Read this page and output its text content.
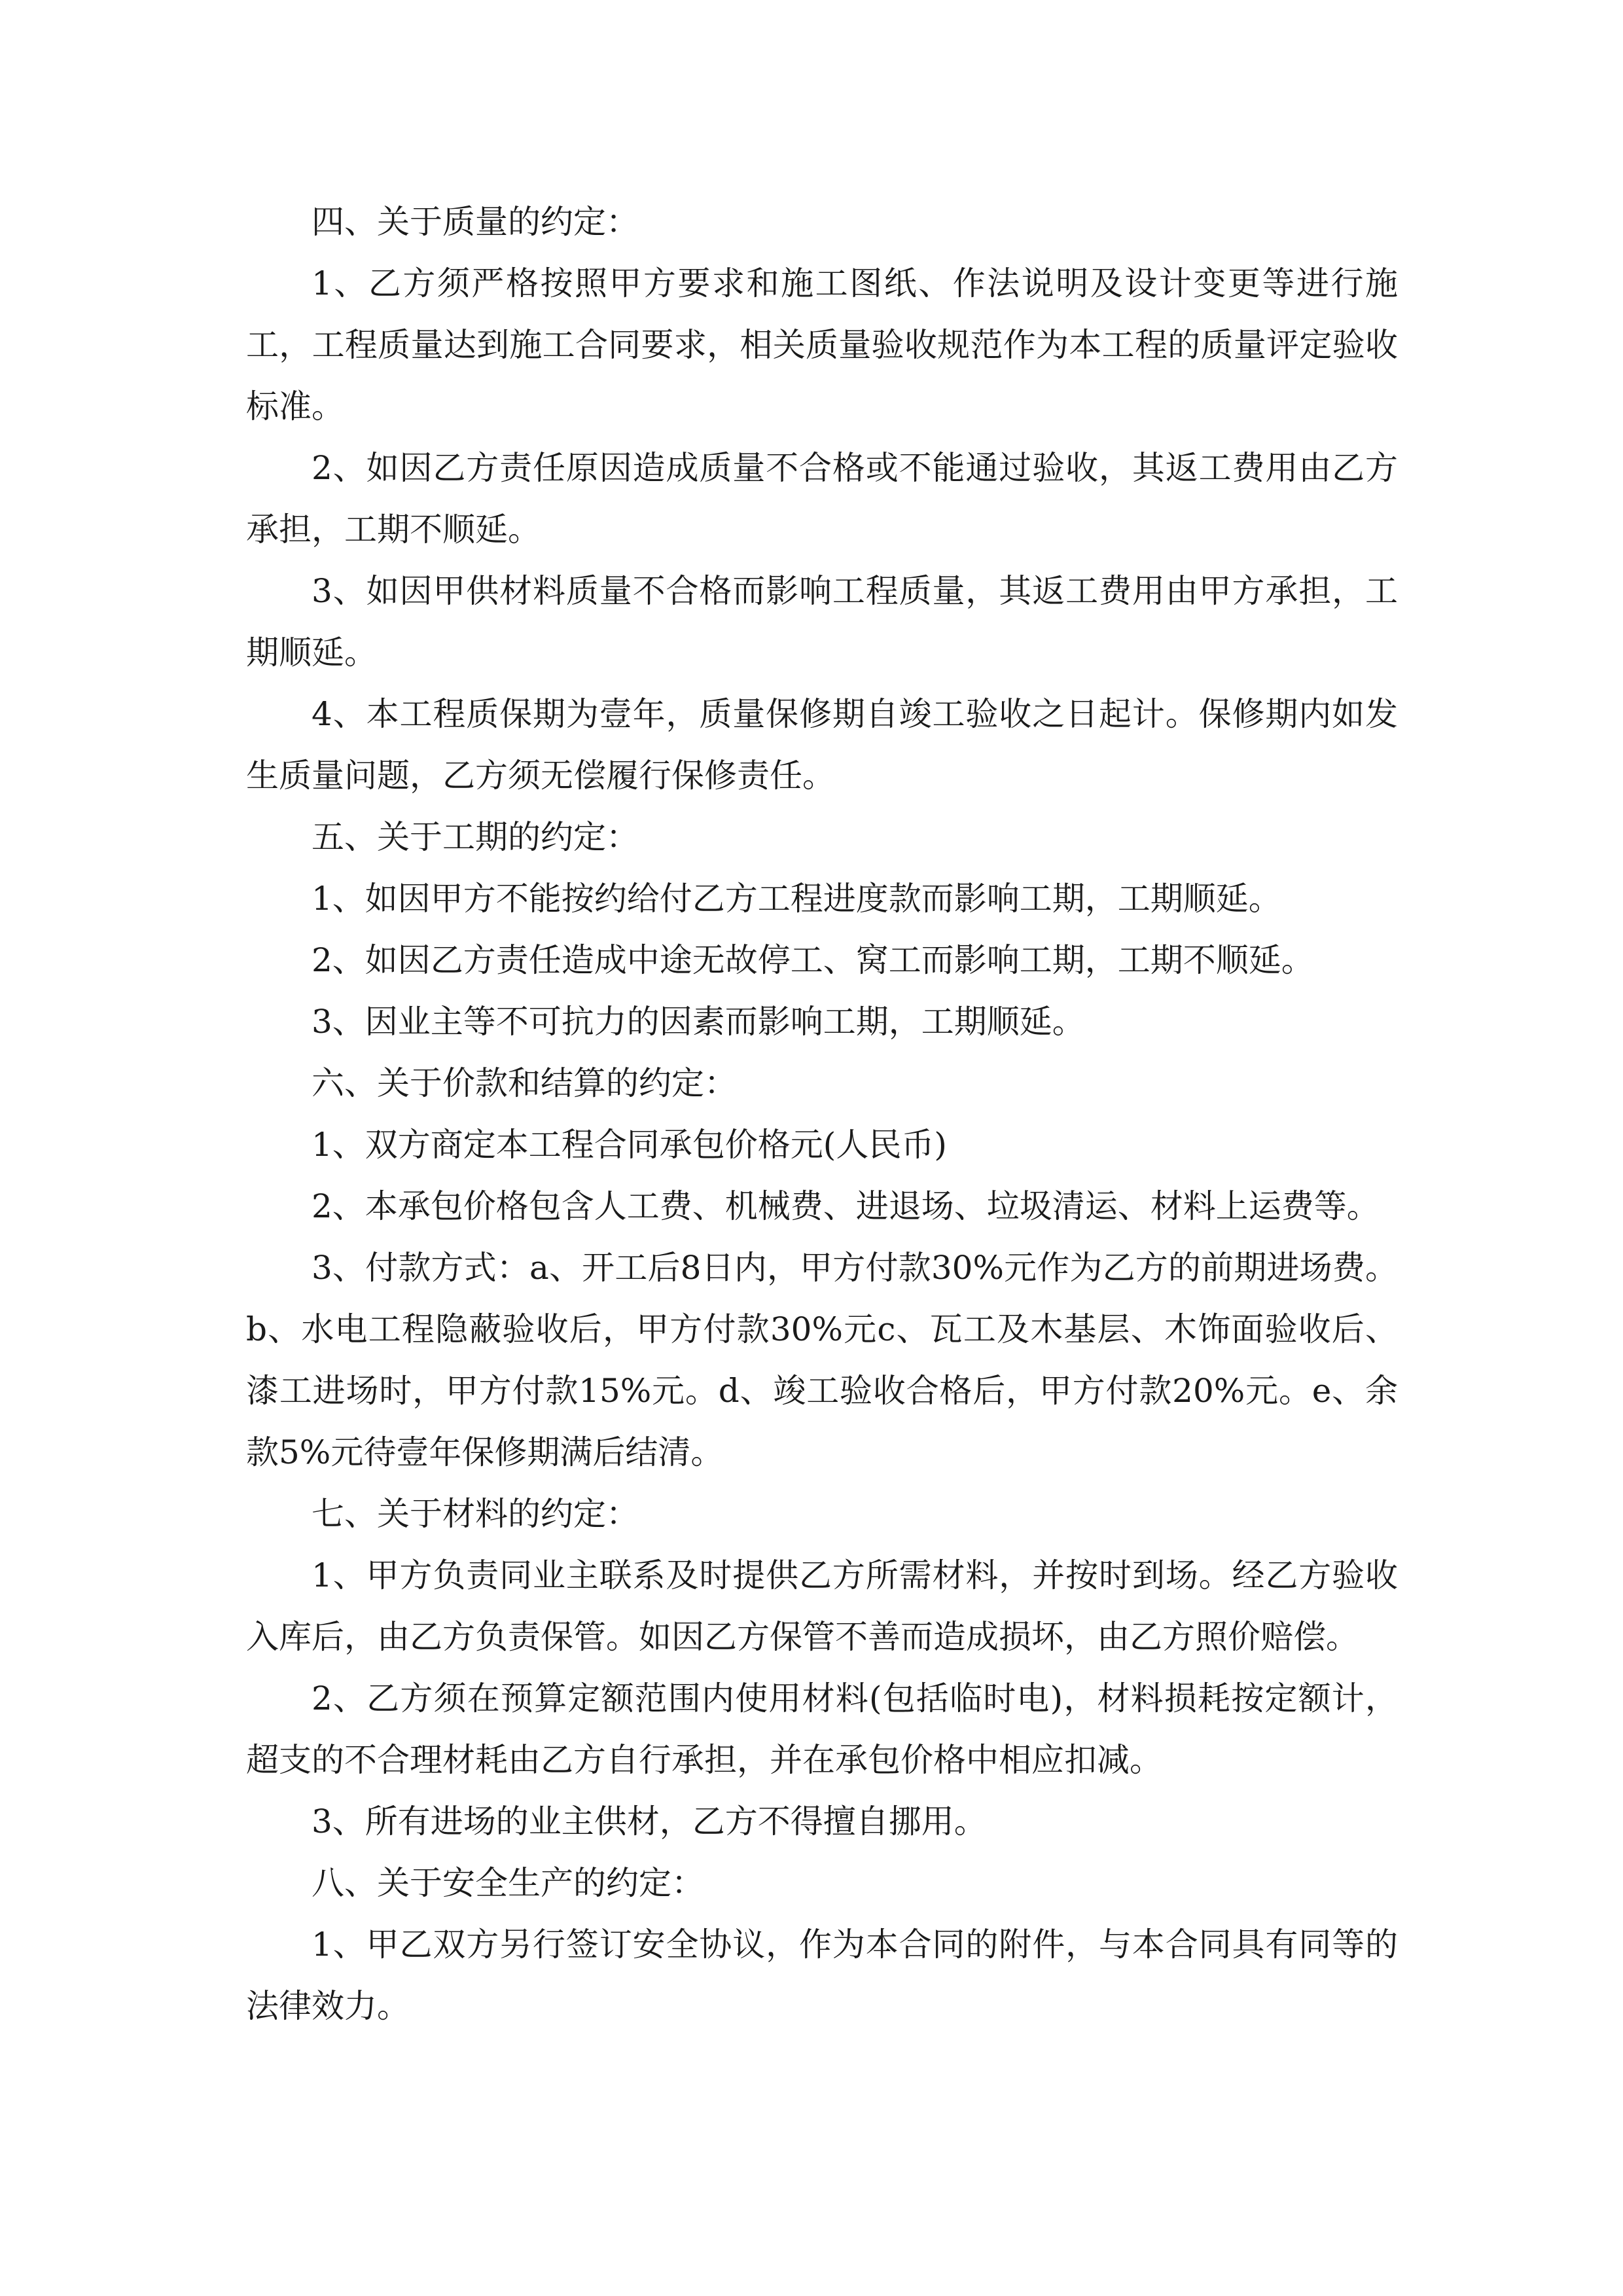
四、关于质量的约定：

1、乙方须严格按照甲方要求和施工图纸、作法说明及设计变更等进行施工，工程质量达到施工合同要求，相关质量验收规范作为本工程的质量评定验收标准。

2、如因乙方责任原因造成质量不合格或不能通过验收，其返工费用由乙方承担，工期不顺延。

3、如因甲供材料质量不合格而影响工程质量，其返工费用由甲方承担，工期顺延。

4、本工程质保期为壹年，质量保修期自竣工验收之日起计。保修期内如发生质量问题，乙方须无偿履行保修责任。

五、关于工期的约定：

1、如因甲方不能按约给付乙方工程进度款而影响工期，工期顺延。

2、如因乙方责任造成中途无故停工、窝工而影响工期，工期不顺延。

3、因业主等不可抗力的因素而影响工期，工期顺延。

六、关于价款和结算的约定：

1、双方商定本工程合同承包价格元(人民币)

2、本承包价格包含人工费、机械费、进退场、垃圾清运、材料上运费等。

3、付款方式：a、开工后8日内，甲方付款30%元作为乙方的前期进场费。b、水电工程隐蔽验收后，甲方付款30%元c、瓦工及木基层、木饰面验收后、漆工进场时，甲方付款15%元。d、竣工验收合格后，甲方付款20%元。e、余款5%元待壹年保修期满后结清。

七、关于材料的约定：

1、甲方负责同业主联系及时提供乙方所需材料，并按时到场。经乙方验收入库后，由乙方负责保管。如因乙方保管不善而造成损坏，由乙方照价赔偿。

2、乙方须在预算定额范围内使用材料(包括临时电)，材料损耗按定额计，超支的不合理材耗由乙方自行承担，并在承包价格中相应扣减。

3、所有进场的业主供材，乙方不得擅自挪用。

八、关于安全生产的约定：

1、甲乙双方另行签订安全协议，作为本合同的附件，与本合同具有同等的法律效力。
